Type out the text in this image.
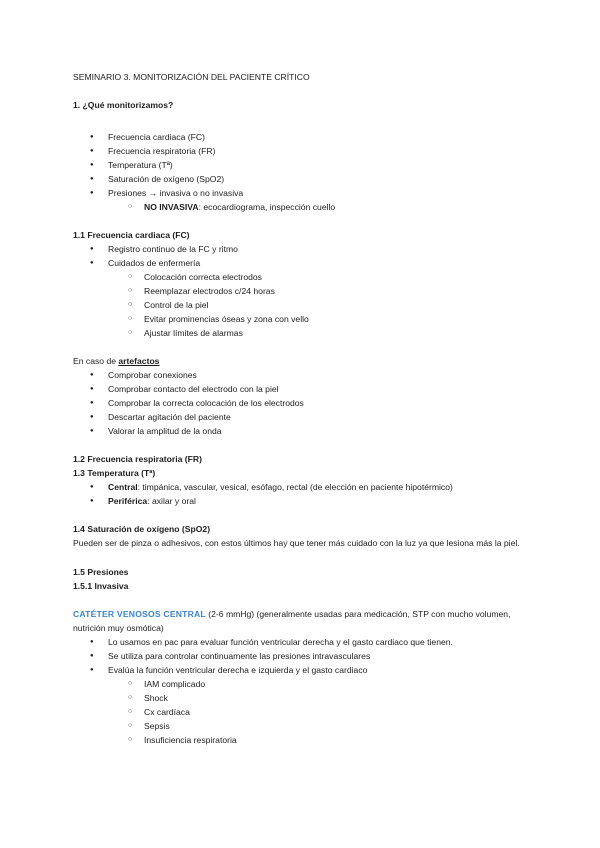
SEMINARIO 3. MONITORIZACIÓN DEL PACIENTE CRÍTICO

1. ¿Qué monitorizamos?

● Frecuencia cardiaca (FC)
● Frecuencia respiratoria (FR)
● Temperatura (Tª)
● Saturación de oxígeno (SpO2)
● Presiones → invasiva o no invasiva
○ NO INVASIVA: ecocardiograma, inspección cuello

1.1 Frecuencia cardiaca (FC)

● Registro continuo de la FC y ritmo
● Cuidados de enfermería
○ Colocación correcta electrodos
○ Reemplazar electrodos c/24 horas
○ Control de la piel
○ Evitar prominencias óseas y zona con vello
○ Ajustar límites de alarmas

En caso de artefactos

● Comprobar conexiones
● Comprobar contacto del electrodo con la piel
● Comprobar la correcta colocación de los electrodos
● Descartar agitación del paciente
● Valorar la amplitud de la onda

1.2 Frecuencia respiratoria (FR)

1.3 Temperatura (Tª)

● Central: timpánica, vascular, vesical, esófago, rectal (de elección en paciente hipotérmico)
● Periférica: axilar y oral

1.4 Saturación de oxígeno (SpO2)

Pueden ser de pinza o adhesivos, con estos últimos hay que tener más cuidado con la luz ya que lesiona más la piel.

1.5 Presiones

1.5.1 Invasiva

CATÉTER VENOSOS CENTRAL (2-6 mmHg) (generalmente usadas para medicación, STP con mucho volumen, nutrición muy osmótica)

● Lo usamos en pac para evaluar función ventricular derecha y el gasto cardiaco que tienen.
● Se utiliza para controlar continuamente las presiones intravasculares
● Evalúa la función ventricular derecha e izquierda y el gasto cardiaco
○ IAM complicado
○ Shock
○ Cx cardíaca
○ Sepsis
○ Insuficiencia respiratoria
